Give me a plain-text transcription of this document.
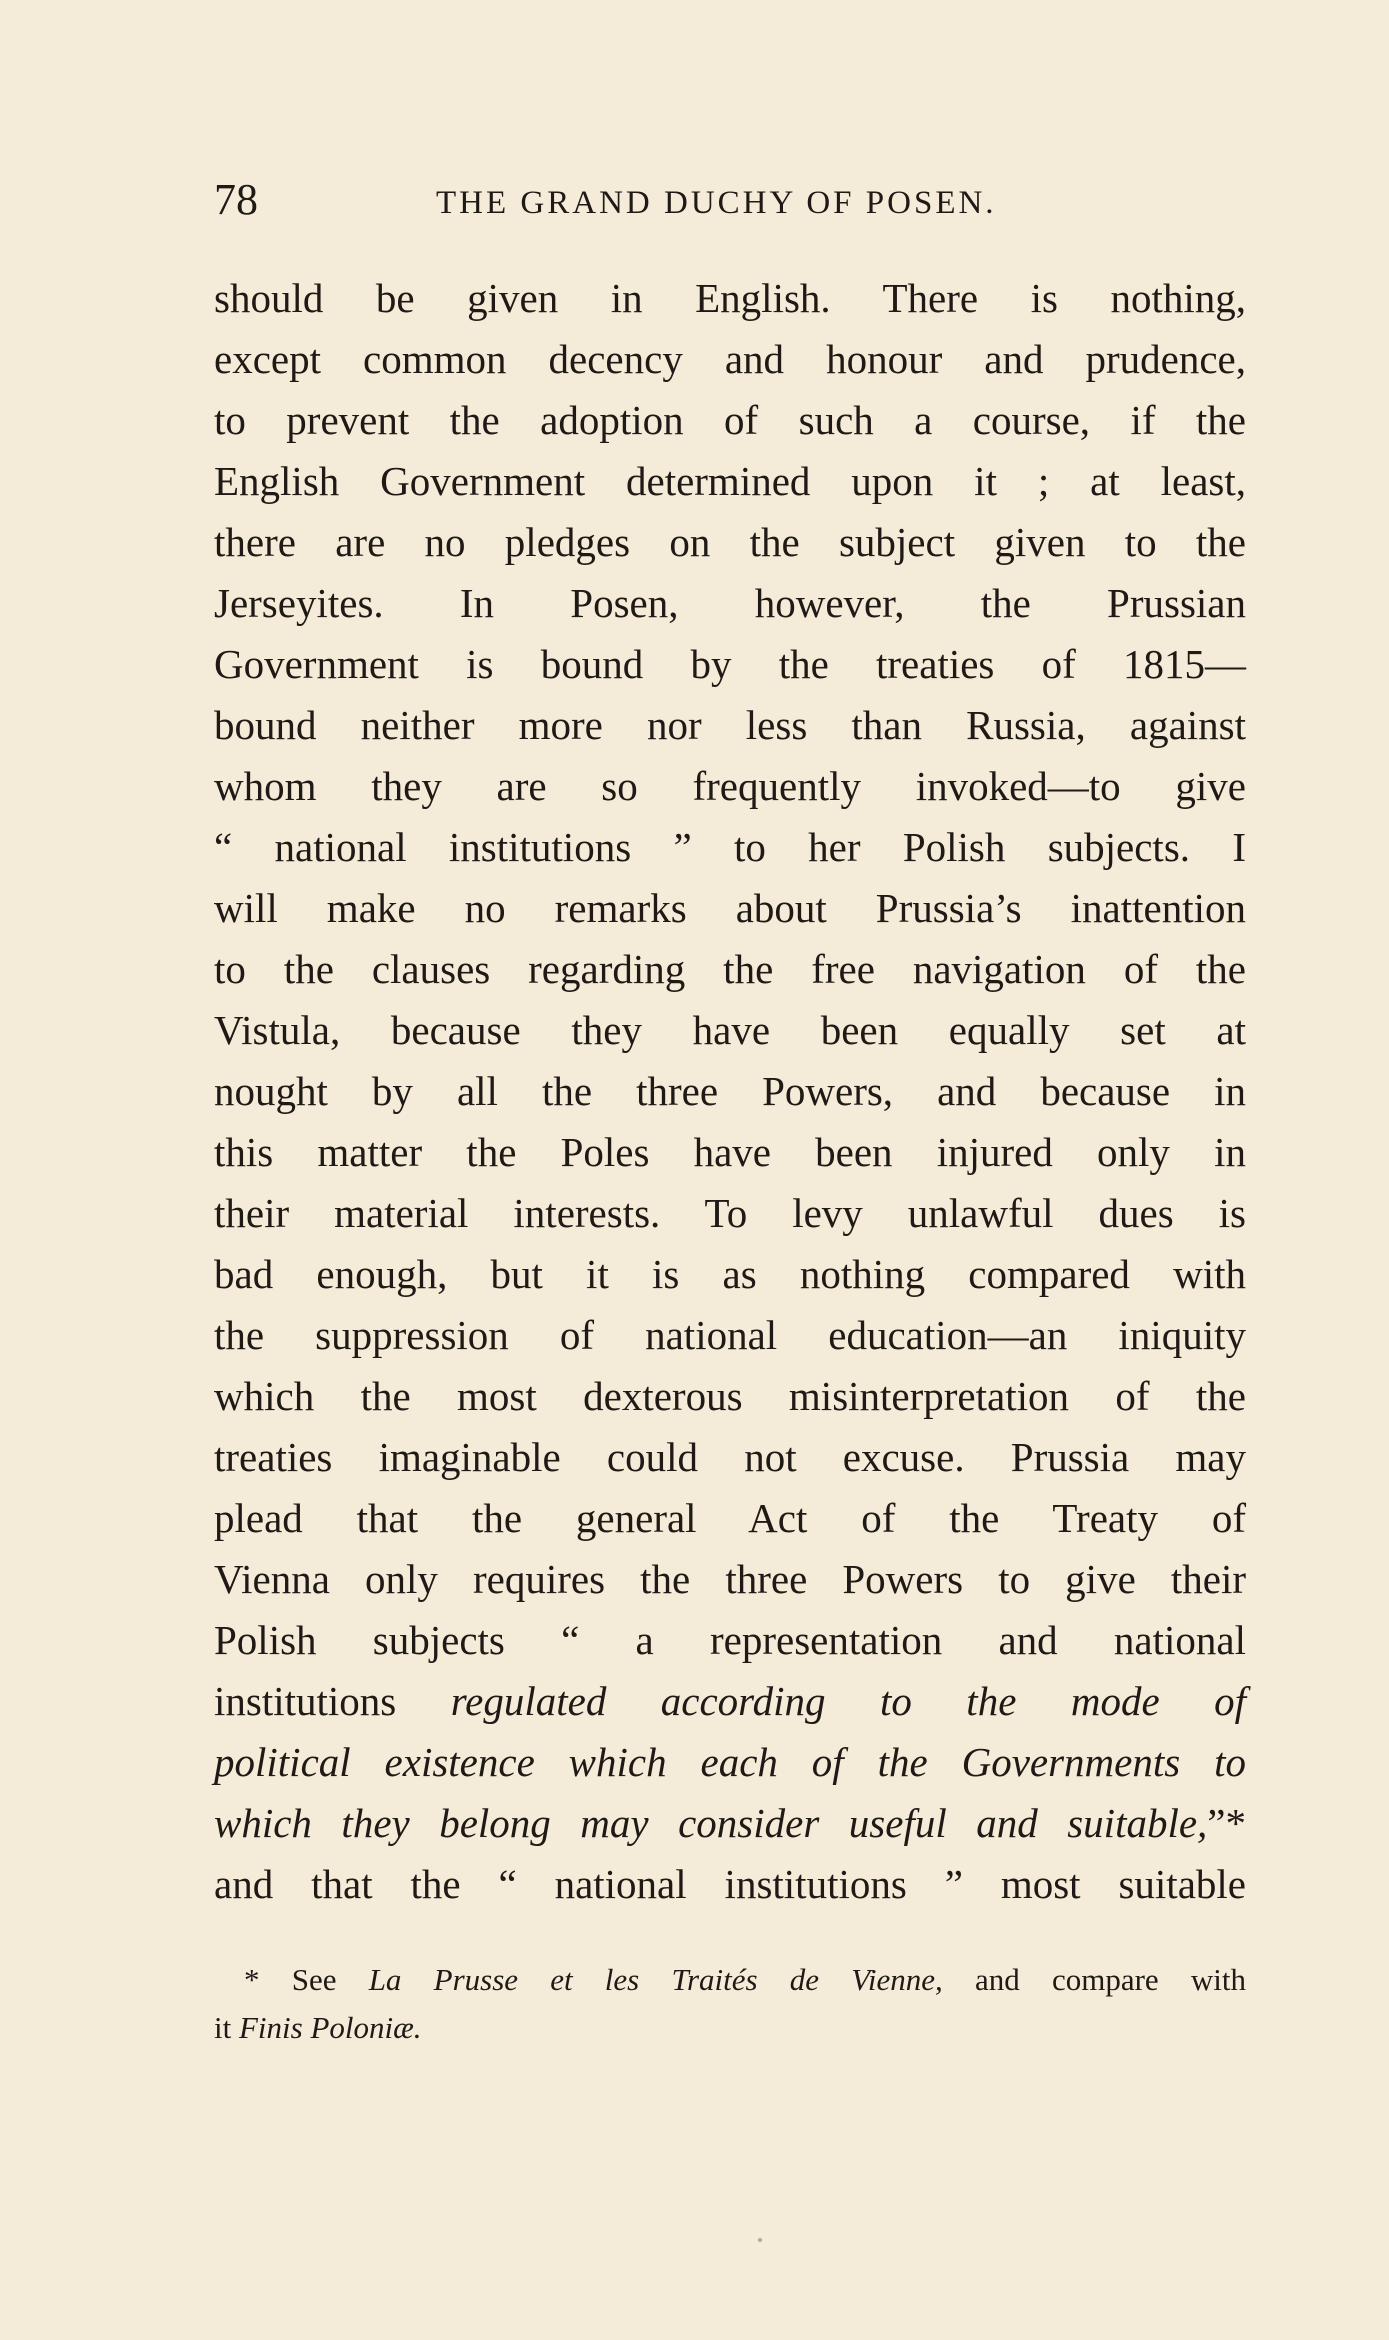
78	THE GRAND DUCHY OF POSEN.
should be given in English. There is nothing,
except common decency and honour and prudence,
to prevent the adoption of such a course, if the
English Government determined upon it ; at least,
there are no pledges on the subject given to the
Jerseyites. In Posen, however, the Prussian
Government is bound by the treaties of 1815—
bound neither more nor less than Russia, against
whom they are so frequently invoked—to give
“ national institutions ” to her Polish subjects. I
will make no remarks about Prussia’s inattention
to the clauses regarding the free navigation of the
Vistula, because they have been equally set at
nought by all the three Powers, and because in
this matter the Poles have been injured only in
their material interests. To levy unlawful dues is
bad enough, but it is as nothing compared with
the suppression of national education—an iniquity
which the most dexterous misinterpretation of the
treaties imaginable could not excuse. Prussia may
plead that the general Act of the Treaty of
Vienna only requires the three Powers to give their
Polish subjects “ a representation and national
institutions regulated according to the mode of
political existence which each of the Governments to
which they belong may consider useful and suitable,”*
and that the “ national institutions ” most suitable
* See La Prusse et les Traités de Vienne, and compare with
it Finis Poloniæ.
